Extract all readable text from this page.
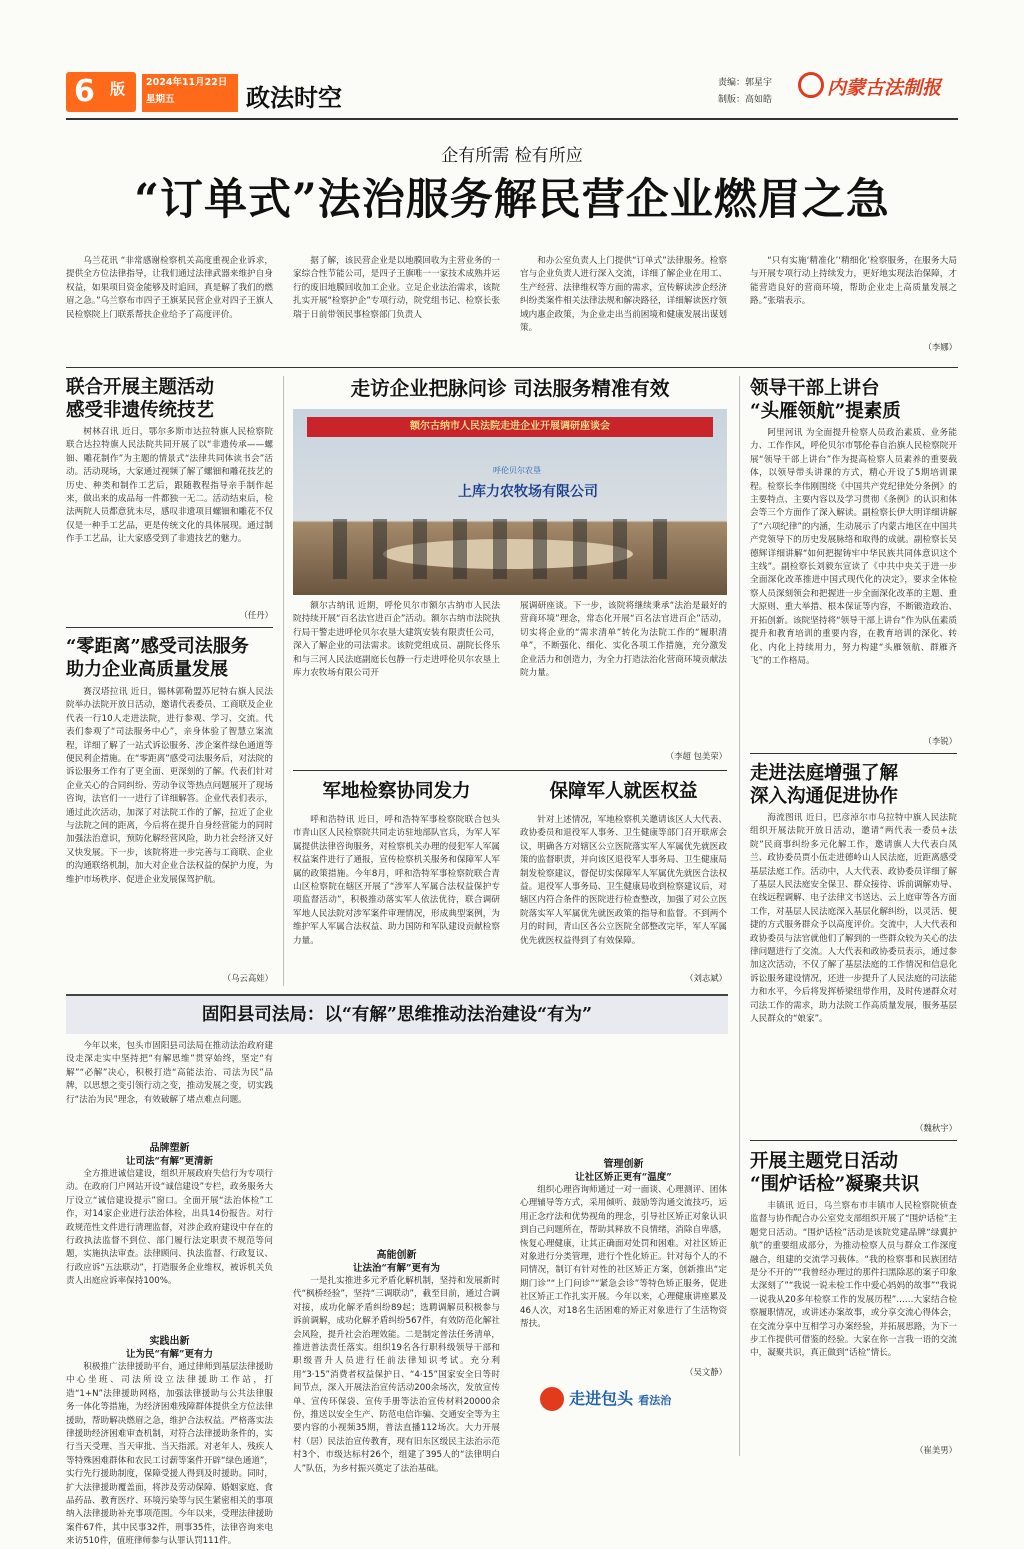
6 版 2024年11月22日
星期五	政法时空	责编：郭星宇
制版：高如皓
内蒙古法制报
企有所需 检有所应
“订单式”法治服务解民营企业燃眉之急

乌兰花讯 “非常感谢检察机关高度重视企业诉求，提供全方位法律指导，让我们通过法律武器来维护自身权益，如果项目资金能够及时追回，真是解了我们的燃眉之急。”乌兰察布市四子王旗某民营企业对四子王旗人民检察院上门联系帮扶企业给予了高度评价。

据了解，该民营企业是以地膜回收为主营业务的一家综合性节能公司，是四子王旗唯一一家技术成熟并运行的废旧地膜回收加工企业。立足企业法治需求，该院扎实开展“检察护企”专项行动，院党组书记、检察长张瑞于日前带领民事检察部门负责人

和办公室负责人上门提供“订单式”法律服务。检察官与企业负责人进行深入交流，详细了解企业在用工、生产经营、法律维权等方面的需求，宣传解读涉企经济纠纷类案件相关法律法规和解决路径，详细解读医疗领域内惠企政策，为企业走出当前困境和健康发展出谋划策。

“只有实施‘精准化’‘精细化’检察服务，在服务大局与开展专项行动上持续发力，更好地实现法治保障，才能营造良好的营商环境，帮助企业走上高质量发展之路。”张瑞表示。

（李娜）
联合开展主题活动
感受非遗传统技艺

树林召讯 近日，鄂尔多斯市达拉特旗人民检察院联合达拉特旗人民法院共同开展了以“非遗传承——螺钿、雕花制作”为主题的情景式“法律共同体读书会”活动。活动现场，大家通过视频了解了螺钿和雕花技艺的历史、种类和制作工艺后，跟随教程指导亲手制作起来，做出来的成品每一件都独一无二。活动结束后，检法两院人员都意犹未尽，感叹非遗项目螺钿和雕花不仅仅是一种手工艺品，更是传统文化的具体展现。通过制作手工艺品，让大家感受到了非遗技艺的魅力。

（任丹）
“零距离”感受司法服务
助力企业高质量发展

赛汉塔拉讯 近日，锡林郭勒盟苏尼特右旗人民法院举办法院开放日活动，邀请代表委员、工商联及企业代表一行10人走进法院，进行参观、学习、交流。代表们参观了“司法服务中心”，亲身体验了智慧立案流程，详细了解了一站式诉讼服务、涉企案件绿色通道等便民利企措施。在“零距离”感受司法服务后，对法院的诉讼服务工作有了更全面、更深刻的了解。代表们针对企业关心的合同纠纷、劳动争议等热点问题展开了现场咨询，法官们一一进行了详细解答。企业代表们表示，通过此次活动，加深了对法院工作的了解，拉近了企业与法院之间的距离，今后将在提升自身经营能力的同时加强法治意识，预防化解经营风险，助力社会经济又好又快发展。下一步，该院将进一步完善与工商联、企业的沟通联络机制，加大对企业合法权益的保护力度，为维护市场秩序、促进企业发展保驾护航。

（乌云高娃）
走访企业把脉问诊 司法服务精准有效
额尔古纳市人民法院走进企业开展调研座谈会
呼伦贝尔农垦
上库力农牧场有限公司

额尔古纳讯 近期，呼伦贝尔市额尔古纳市人民法院持续开展“百名法官进百企”活动。额尔古纳市法院执行局干警走进呼伦贝尔农垦大建筑安装有限责任公司，深入了解企业的司法需求。该院党组成员、副院长佟乐和与三河人民法庭副庭长包静一行走进呼伦贝尔农垦上库力农牧场有限公司开

展调研座谈。下一步，该院将继续秉承“法治是最好的营商环境”理念，常态化开展“百名法官进百企”活动，切实将企业的“需求清单”转化为法院工作的“履职清单”，不断强化、细化、实化各项工作措施，充分激发企业活力和创造力，为全力打造法治化营商环境贡献法院力量。

（李超 包美荣）
军地检察协同发力

呼和浩特讯 近日，呼和浩特军事检察院联合包头市青山区人民检察院共同走访驻地部队官兵，为军人军属提供法律咨询服务，对检察机关办理的侵犯军人军属权益案件进行了通报，宣传检察机关服务和保障军人军属的政策措施。今年8月，呼和浩特军事检察院联合青山区检察院在辖区开展了“涉军人军属合法权益保护专项监督活动”，积极推动落实军人依法优待，联合调研军地人民法院对涉军案件审理情况，形成典型案例，为维护军人军属合法权益、助力国防和军队建设贡献检察力量。

保障军人就医权益

针对上述情况，军地检察机关邀请该区人大代表、政协委员和退役军人事务、卫生健康等部门召开联席会议，明确各方对辖区公立医院落实军人军属优先就医政策的监督职责，并向该区退役军人事务局、卫生健康局制发检察建议，督促切实保障军人军属优先就医合法权益。退役军人事务局、卫生健康局收到检察建议后，对辖区内符合条件的医院进行检查整改，加强了对公立医院落实军人军属优先就医政策的指导和监督。不到两个月的时间，青山区各公立医院全部整改完毕，军人军属优先就医权益得到了有效保障。

（刘志斌）
领导干部上讲台
“头雁领航”提素质

阿里河讯 为全面提升检察人员政治素质、业务能力、工作作风，呼伦贝尔市鄂伦春自治旗人民检察院开展“领导干部上讲台”作为提高检察人员素养的重要载体，以领导带头讲课的方式，精心开设了5期培训课程。检察长李伟刚围绕《中国共产党纪律处分条例》的主要特点、主要内容以及学习贯彻《条例》的认识和体会等三个方面作了深入解读。副检察长伊大明详细讲解了“六项纪律”的内涵，生动展示了内蒙古地区在中国共产党领导下的历史发展脉络和取得的成就。副检察长吴德辉详细讲解“如何把握铸牢中华民族共同体意识这个主线”。副检察长刘毅东宣读了《中共中央关于进一步全面深化改革推进中国式现代化的决定》，要求全体检察人员深刻领会和把握进一步全面深化改革的主题、重大原则、重大举措、根本保证等内容，不断锻造政治、开拓创新。该院坚持将“领导干部上讲台”作为队伍素质提升和教育培训的重要内容，在教育培训的深化、转化、内化上持续用力，努力构建“头雁领航、群雁齐飞”的工作格局。

（李锐）
走进法庭增强了解
深入沟通促进协作

海流图讯 近日，巴彦淖尔市乌拉特中旗人民法院组织开展法院开放日活动，邀请“两代表一委员+法院”民商事纠纷多元化解工作，邀请旗人大代表白凤兰、政协委员贾小伍走进德岭山人民法庭，近距离感受基层法庭工作。活动中，人大代表、政协委员详细了解了基层人民法庭安全保卫、群众接待、诉前调解劝导、在线远程调解、电子法律文书送达、云上庭审等各方面工作，对基层人民法庭深入基层化解纠纷，以灵活、便捷的方式服务群众予以高度评价。交流中，人大代表和政协委员与法官就他们了解到的一些群众较为关心的法律问题进行了交流。人大代表和政协委员表示，通过参加这次活动，不仅了解了基层法庭的工作情况和信息化诉讼服务建设情况，还进一步提升了人民法庭的司法能力和水平，今后将发挥桥梁纽带作用，及时传递群众对司法工作的需求，助力法院工作高质量发展，服务基层人民群众的“娘家”。

（魏秋宇）
开展主题党日活动
“围炉话检”凝聚共识

丰镇讯 近日，乌兰察布市丰镇市人民检察院侦查监督与协作配合办公室党支部组织开展了“围炉话检”主题党日活动。“围炉话检”活动是该院党建品牌“绿翼护航”的重要组成部分，为推动检察人员与群众工作深度融合，组建的交流学习载体。“我的检察事和民族团结是分不开的”“我曾经办理过的那件扫黑除恶的案子印象太深刻了”“我说一说未检工作中爱心妈妈的故事”“我说一说我从20多年检察工作的发展历程”……大家结合检察履职情况，或讲述办案故事，或分享交流心得体会，在交流分享中互相学习办案经验，并拓展思路，为下一步工作提供可借鉴的经验。大家在你一言我一语的交流中，凝聚共识，真正做到“话检”情长。

（崔美男）
固阳县司法局：以“有解”思维推动法治建设“有为”

今年以来，包头市固阳县司法局在推动法治政府建设走深走实中坚持把“有解思维”贯穿始终，坚定“有解”“必解”决心，积极打造“高能法治、司法为民”品牌，以思想之变引领行动之变，推动发展之变，切实践行“法治为民”理念，有效破解了堵点难点问题。

品牌塑新

让司法“有解”更清新

全方推进诚信建设，组织开展政府失信行为专项行动。在政府门户网站开设“诚信建设”专栏，政务服务大厅设立“诚信建设提示”窗口。全面开展“法治体检”工作，对14家企业进行法治体检，出具14份报告。对行政规范性文件进行清理监督，对涉企政府建设中存在的行政执法监督不到位、部门履行法定职责不规范等问题，实施执法审查。法律顾问、执法监督、行政复议、行政应诉“五法联动”，打造服务企业维权，被诉机关负责人出庭应诉率保持100%。

实践出新

让为民“有解”更有力

积极推广法律援助平台，通过律师到基层法律援助中心坐班、司法所设立法律援助工作站，打造“1+N”法律援助网格，加强法律援助与公共法律服务一体化等措施，为经济困难残障群体提供全方位法律援助，帮助解决燃眉之急，维护合法权益。严格落实法律援助经济困难审查机制，对符合法律援助条件的，实行当天受理、当天审批、当天指派。对老年人、残疾人等特殊困难群体和农民工讨薪等案件开辟“绿色通道”，实行先行援助制度，保障受援人得到及时援助。同时，扩大法律援助覆盖面，将涉及劳动保障、婚姻家庭、食品药品、教育医疗、环境污染等与民生紧密相关的事项纳入法律援助补充事项范围。今年以来，受理法律援助案件67件，其中民事32件，刑事35件，法律咨询来电来访510件，值班律师参与认罪认罚111件。

高能创新

让法治“有解”更有为

一是扎实推进多元矛盾化解机制，坚持和发展新时代“枫桥经验”，坚持“三调联动”，截至目前，通过合调对接，成功化解矛盾纠纷89起；选聘调解员积极参与诉前调解，成功化解矛盾纠纷567件，有效防范化解社会风险，提升社会治理效能。二是制定普法任务清单，推进普法责任落实。组织19名各行职科级领导干部和职级晋升人员进行任前法律知识考试。充分利用“3·15”消费者权益保护日、“4·15”国家安全日等时间节点，深入开展法治宣传活动200余场次，发放宣传单、宣传环保袋、宣传手册等法治宣传材料20000余份，推送以安全生产、防范电信诈骗、交通安全等为主要内容的小视频35期，普法直播112场次。大力开展村（居）民法治宣传教育，现有旧东区级民主法治示范村3个、市级达标村26个，组建了395人的“法律明白人”队伍，为乡村振兴奠定了法治基础。

管理创新

让社区矫正更有“温度”

组织心理咨询师通过一对一面谈、心理测评、团体心理辅导等方式，采用倾听、鼓励等沟通交流技巧，运用正念疗法和优势视角的理念，引导社区矫正对象认识到自己问题所在，帮助其释放不良情绪，消除自卑感，恢复心理健康，让其正确面对处罚和困难。对社区矫正对象进行分类管理，进行个性化矫正。针对每个人的不同情况，制订有针对性的社区矫正方案，创新推出“定期门诊”“上门问诊”“紧急会诊”等特色矫正服务，促进社区矫正工作扎实开展。今年以来，心理健康讲座累及46人次，对18名生活困难的矫正对象进行了生活物资帮扶。

（吴文静）
走进包头 看法治
